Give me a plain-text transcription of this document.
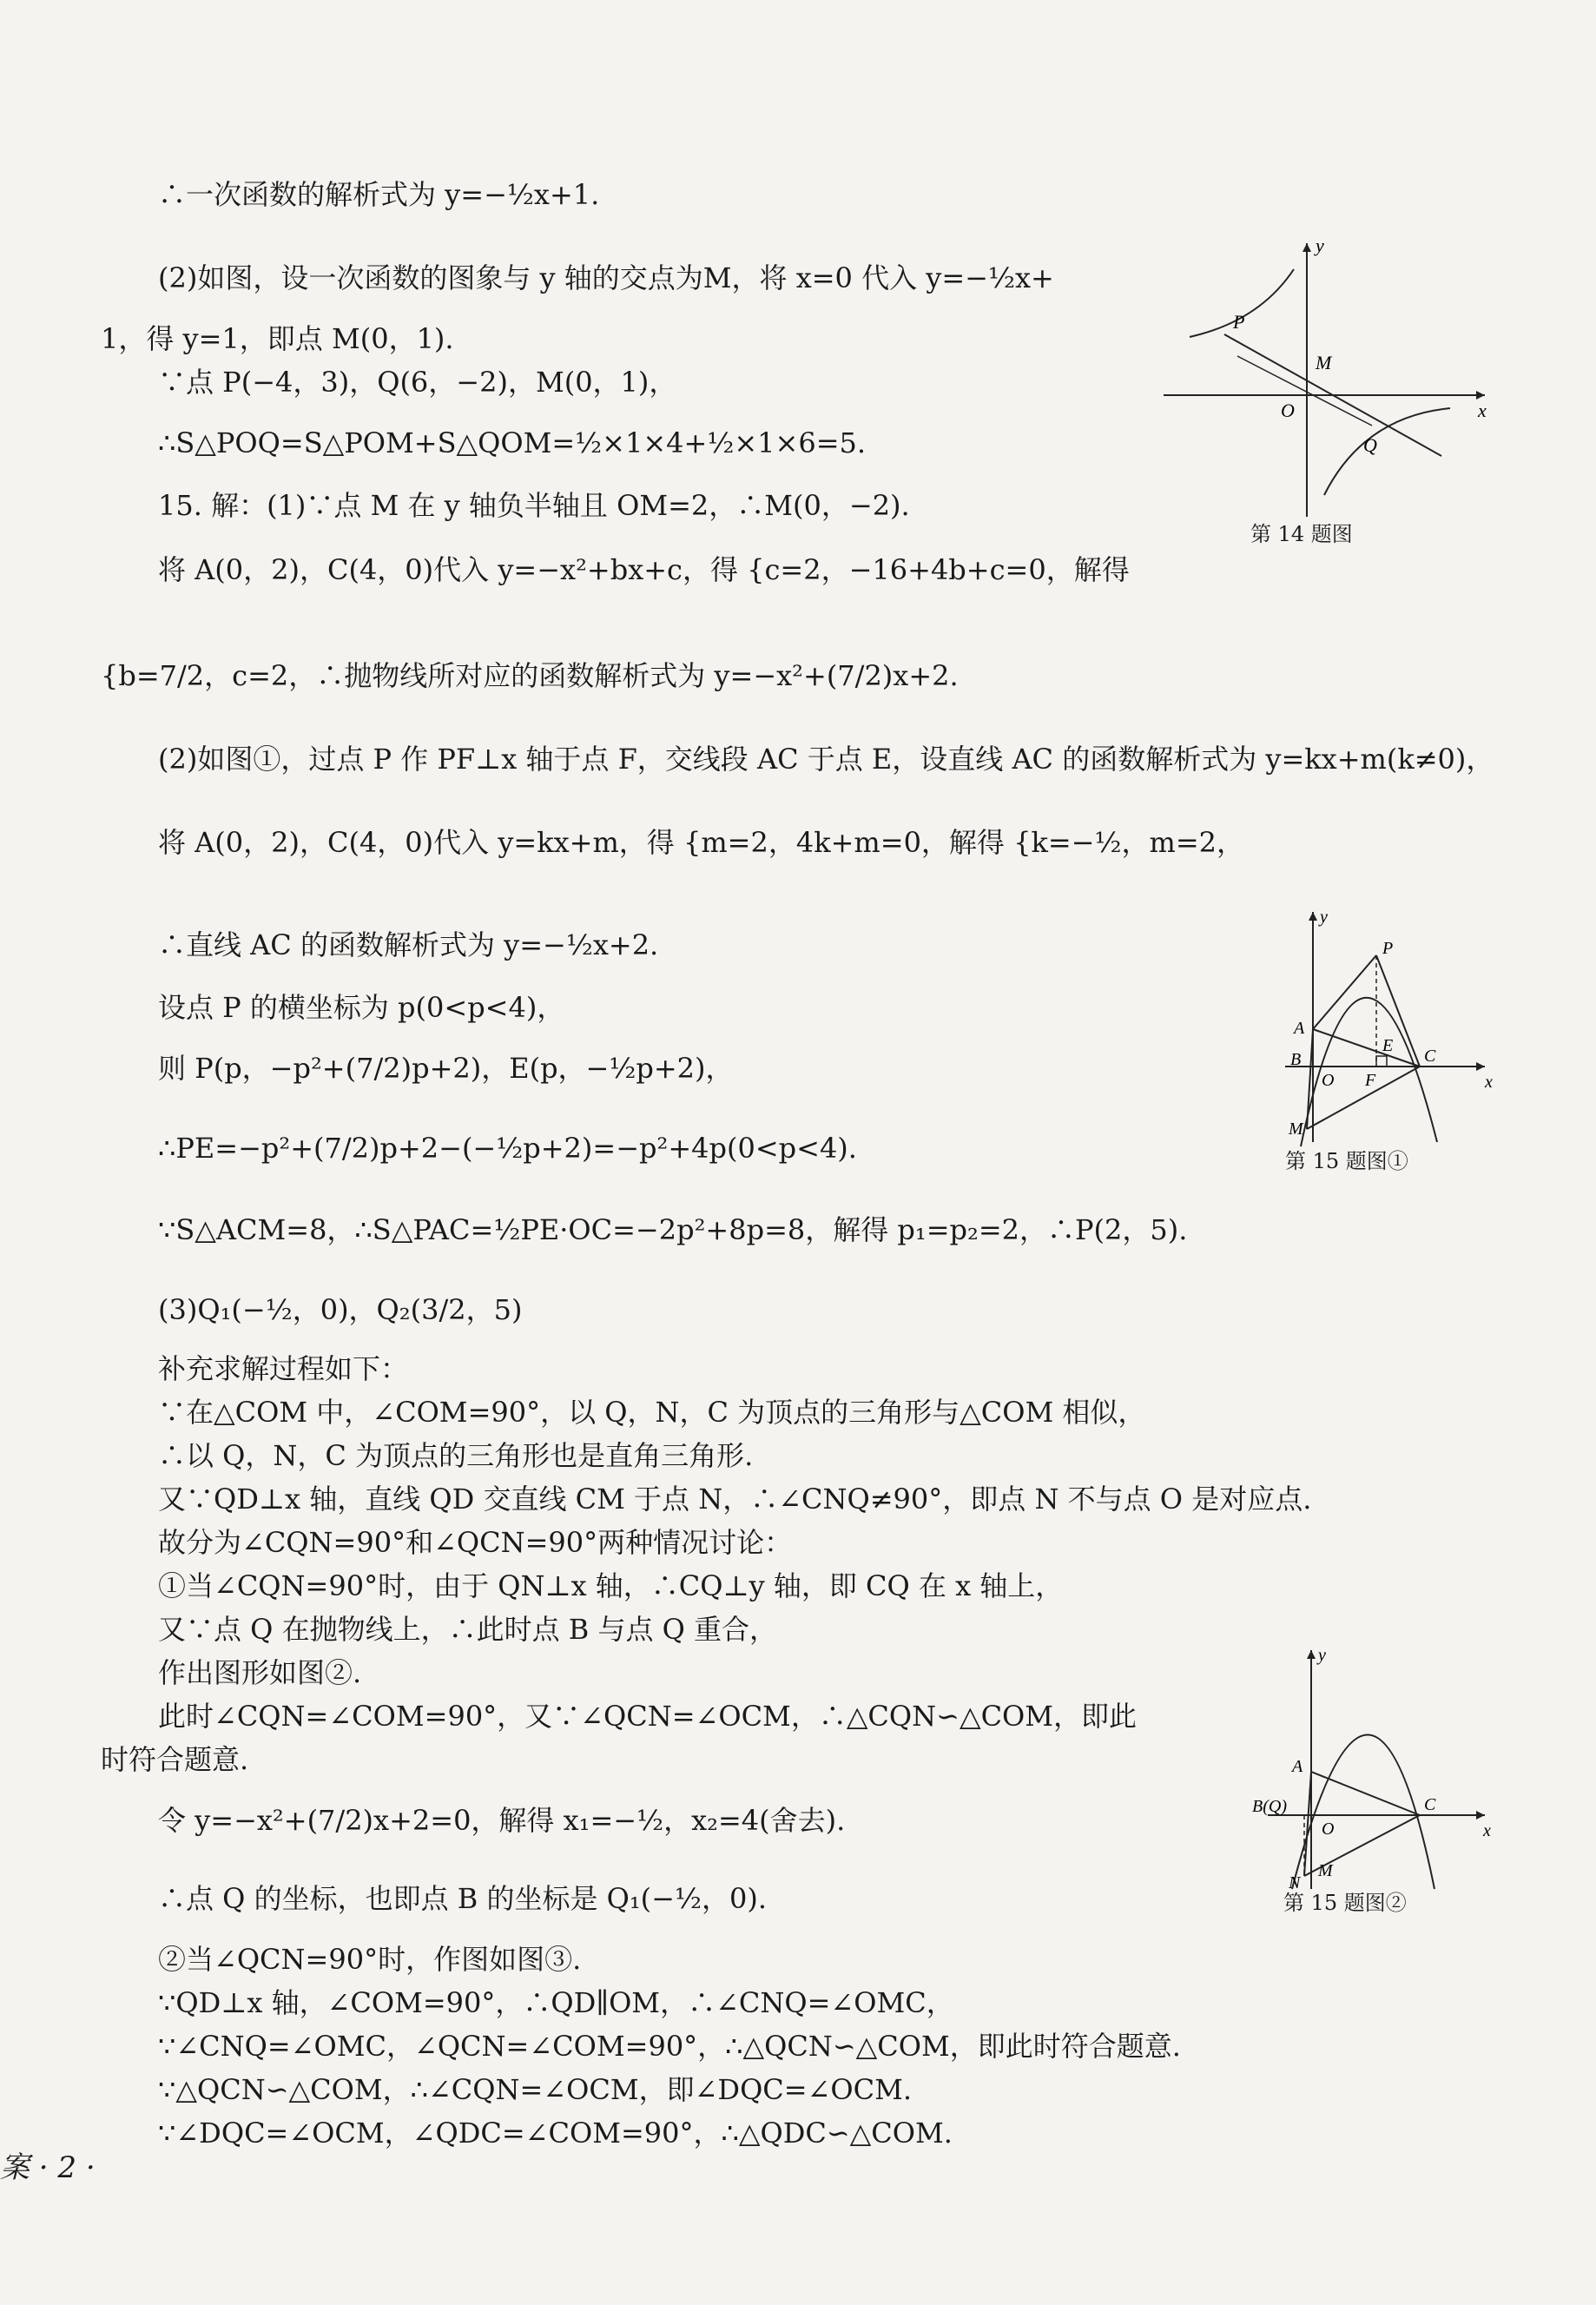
∴一次函数的解析式为 y=−½x+1.
(2)如图，设一次函数的图象与 y 轴的交点为M，将 x=0 代入 y=−½x+
1，得 y=1，即点 M(0，1).
∵点 P(−4，3)，Q(6，−2)，M(0，1)，
∴S△POQ=S△POM+S△QOM=½×1×4+½×1×6=5.
15. 解：(1)∵点 M 在 y 轴负半轴且 OM=2，∴M(0，−2).
将 A(0，2)，C(4，0)代入 y=−x²+bx+c，得 {c=2，−16+4b+c=0，解得
{b=7/2，c=2，∴抛物线所对应的函数解析式为 y=−x²+(7/2)x+2.
(2)如图①，过点 P 作 PF⊥x 轴于点 F，交线段 AC 于点 E，设直线 AC 的函数解析式为 y=kx+m(k≠0)，
将 A(0，2)，C(4，0)代入 y=kx+m，得 {m=2，4k+m=0，解得 {k=−½，m=2，
∴直线 AC 的函数解析式为 y=−½x+2.
设点 P 的横坐标为 p(0<p<4)，
则 P(p，−p²+(7/2)p+2)，E(p，−½p+2)，
∴PE=−p²+(7/2)p+2−(−½p+2)=−p²+4p(0<p<4).
∵S△ACM=8，∴S△PAC=½PE·OC=−2p²+8p=8，解得 p₁=p₂=2，∴P(2，5).
(3)Q₁(−½，0)，Q₂(3/2，5)
补充求解过程如下：
∵在△COM 中，∠COM=90°，以 Q，N，C 为顶点的三角形与△COM 相似，
∴以 Q，N，C 为顶点的三角形也是直角三角形.
又∵QD⊥x 轴，直线 QD 交直线 CM 于点 N，∴∠CNQ≠90°，即点 N 不与点 O 是对应点.
故分为∠CQN=90°和∠QCN=90°两种情况讨论：
①当∠CQN=90°时，由于 QN⊥x 轴，∴CQ⊥y 轴，即 CQ 在 x 轴上，
又∵点 Q 在抛物线上，∴此时点 B 与点 Q 重合，
作出图形如图②.
此时∠CQN=∠COM=90°，又∵∠QCN=∠OCM，∴△CQN∽△COM，即此
时符合题意.
令 y=−x²+(7/2)x+2=0，解得 x₁=−½，x₂=4(舍去).
∴点 Q 的坐标，也即点 B 的坐标是 Q₁(−½，0).
②当∠QCN=90°时，作图如图③.
∵QD⊥x 轴，∠COM=90°，∴QD∥OM，∴∠CNQ=∠OMC，
∵∠CNQ=∠OMC，∠QCN=∠COM=90°，∴△QCN∽△COM，即此时符合题意.
∵△QCN∽△COM，∴∠CQN=∠OCM，即∠DQC=∠OCM.
∵∠DQC=∠OCM，∠QDC=∠COM=90°，∴△QDC∽△COM.
y
x
P
M
O
Q
第 14 题图
y
x
P
A
E
B
O F
C
M
第 15 题图①
y
x
A
B(Q)
O
C
N
M
第 15 题图②
案 · 2 ·
